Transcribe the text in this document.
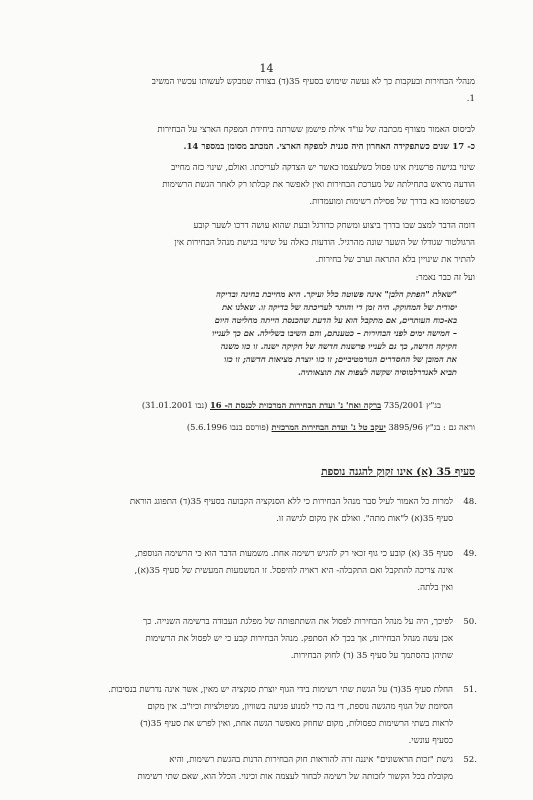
14
מנהלי הבחירות ובעקבות כך לא נעשה שימוש בסעיף 35(ד) בצורה שמבקש לעשותו עכשיו המשיב
1.
לביסוס האמור מצורף מכתבה של עו"ד אילת פישמן ששרתה ביחידת המפקח הארצי על הבחירות
כ- 17 שנים כשתפקידה האחרון היה סגנית למפקח הארצי. המכתב מסומן במספר 14.
שינוי בגישה פרשנית אינו פסול כשלעצמו כאשר יש הצדקה לעריכתו. ואולם, שינוי כזה מחייב
הודעה מראש בתחילתה של מערכת הבחירות ואין לאפשר את קבלתו רק לאחר הגשת הרשימות
כשפרסומו בא בדרך של פסילת רשימות ומועמדות.
דומה הדבר למצב שבו בדרך ביצוע ומשחק כדורגל ובעת שהוא עושה דרכו לשער קובע
הרגולטור שגודלו של השער שונה מהרגיל. הודעות כאלה על שינוי בגישת מנהל הבחירות אין
להתיר את שינויין בלא התראה וערב של בחירות.
ועל זה כבר נאמר:
"שאלת "הפתק הלבן" אינה פשוטה כלל ועיקר. היא מחייבת בחינה ובדיקה
יסודית של המחוקק. היה זמן די והותר לעריכתה של בדיקה זו. שאלנו את
בא-כוח העותרים, אם מתקבל הוא על הדעת שהכנסת הייתה מחליטה היום
– חמישה ימים לפני הבחירות – כטענתם, והם השיבו בשלילה. אם כך לענייו
חקיקה חדשה, כך גם לענייו פרשנות חדשה של חקיקה ישנה. זו כזו משנה
את המובן של החסדרים הנורמטיביים; זו כזו יוצרת מציאות חדשה; זו כזו
תביא לאנדרלמוסיה שקשה לצפות את תוצאותיה.
בג"ץ 735/2001 ברקה ואח' נ' ועדת הבחירות המרכזית לכנסת ה- 16 (נבו 31.01.2001)
וראה גם : בג"ץ 3895/96 יעקב טל נ' ועדת הבחירות המרכזית (פורסם בנבו 5.6.1996)
סעיף 35 (א) אינו זקוק להגנה נוספת
48.
למרות כל האמור לעיל סבר מנהל הבחירות כי ללא הסנקציה הקבועה בסעיף 35(ד) התפוגג הוראת
סעיף 35(א) ל"אות מתה". ואולם אין מקום לגישה זו.
49.
סעיף 35 (א) קובע כי גוף זכאי רק להגיש רשימה אחת. משמעות הדבר הוא כי הרשימה הנוספת,
אינה צריכה להתקבל ואם התקבלה- היא ראויה להיפסל. זו המשמעות המעשית של סעיף 35(א),
ואין בלתה.
50.
לפיכך, היה על מנהל הבחירות לפסול את השתתפותה של מפלגת העבודה ברשימה השנייה. כך
אכן עשה מנהל הבחירות, אך בכך לא הסתפק. מנהל הבחירות קבע כי יש לפסול את הרשימות
שתיהן בהסתמך על סעיף 35 (ד) לחוק הבחירות.
51.
החלת סעיף 35(ד) על הגשת שתי רשימות בידי הגוף יוצרת סנקציה יש מאין, אשר אינה נדרשת בנסיבות.
הסיומת של הגוף מהגשה נוספת, די בה כדי למנוע פגיעה בשוויון, מניפולציות וכיו"ב. אין מקום
לראות בשתי הרשימות כפסולות, מקום שחוזק מאפשר הגשה אחת, ואין לפרש את סעיף 35(ד)
כסעיף עונשי.
52.
גישת "זכות הראשונים" איננה זרה להוראות חוק הבחירות הדנות בהגשת רשימות, והיא
מקובלת בכל הקשור לזכותה של רשימה לבחור לעצמה אות וכינוי. הכלל הוא, שאם שתי רשימות
